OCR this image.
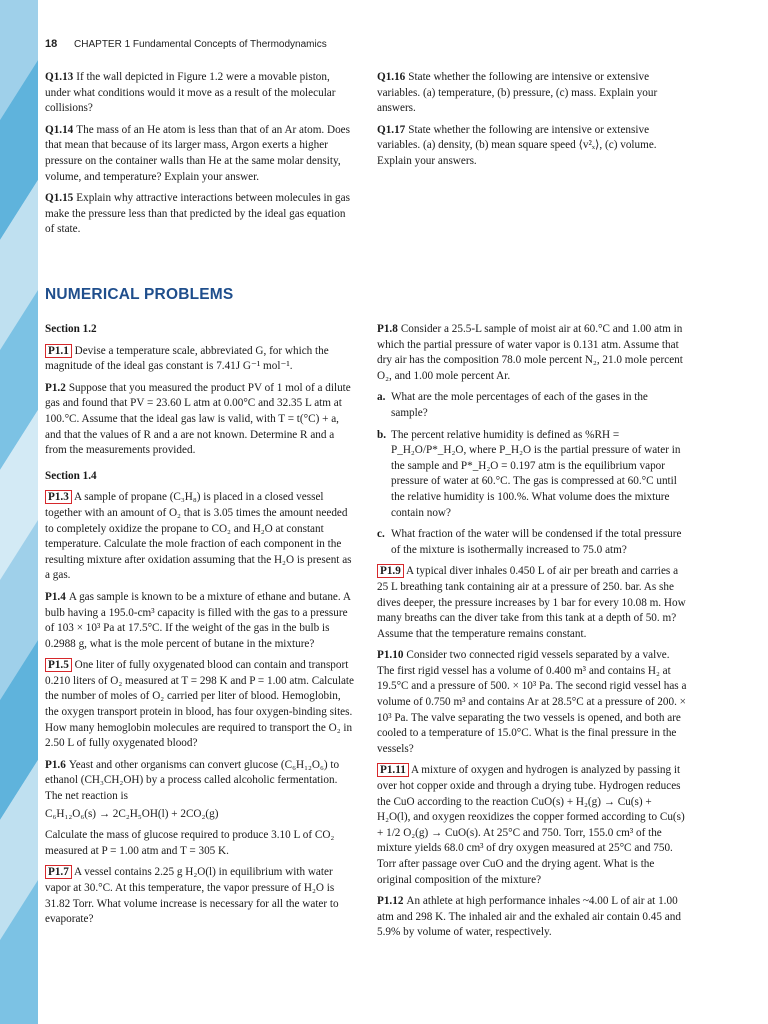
18 CHAPTER 1 Fundamental Concepts of Thermodynamics

Q1.13 If the wall depicted in Figure 1.2 were a movable piston, under what conditions would it move as a result of the molecular collisions?

Q1.14 The mass of an He atom is less than that of an Ar atom. Does that mean that because of its larger mass, Argon exerts a higher pressure on the container walls than He at the same molar density, volume, and temperature? Explain your answer.

Q1.15 Explain why attractive interactions between molecules in gas make the pressure less than that predicted by the ideal gas equation of state.

Q1.16 State whether the following are intensive or extensive variables. (a) temperature, (b) pressure, (c) mass. Explain your answers.

Q1.17 State whether the following are intensive or extensive variables. (a) density, (b) mean square speed ⟨v²ₓ⟩, (c) volume. Explain your answers.

NUMERICAL PROBLEMS

Section 1.2

P1.1 Devise a temperature scale, abbreviated G, for which the magnitude of the ideal gas constant is 7.41J G⁻¹ mol⁻¹.

P1.2 Suppose that you measured the product PV of 1 mol of a dilute gas and found that PV = 23.60 L atm at 0.00°C and 32.35 L atm at 100.°C. Assume that the ideal gas law is valid, with T = t(°C) + a, and that the values of R and a are not known. Determine R and a from the measurements provided.

Section 1.4

P1.3 A sample of propane (C₃H₈) is placed in a closed vessel together with an amount of O₂ that is 3.05 times the amount needed to completely oxidize the propane to CO₂ and H₂O at constant temperature. Calculate the mole fraction of each component in the resulting mixture after oxidation assuming that the H₂O is present as a gas.

P1.4 A gas sample is known to be a mixture of ethane and butane. A bulb having a 195.0-cm³ capacity is filled with the gas to a pressure of 103 × 10³ Pa at 17.5°C. If the weight of the gas in the bulb is 0.2988 g, what is the mole percent of butane in the mixture?

P1.5 One liter of fully oxygenated blood can contain and transport 0.210 liters of O₂ measured at T = 298 K and P = 1.00 atm. Calculate the number of moles of O₂ carried per liter of blood. Hemoglobin, the oxygen transport protein in blood, has four oxygen-binding sites. How many hemoglobin molecules are required to transport the O₂ in 2.50 L of fully oxygenated blood?

P1.6 Yeast and other organisms can convert glucose (C₆H₁₂O₆) to ethanol (CH₃CH₂OH) by a process called alcoholic fermentation. The net reaction is

C₆H₁₂O₆(s) → 2C₂H₅OH(l) + 2CO₂(g)

Calculate the mass of glucose required to produce 3.10 L of CO₂ measured at P = 1.00 atm and T = 305 K.

P1.7 A vessel contains 2.25 g H₂O(l) in equilibrium with water vapor at 30.°C. At this temperature, the vapor pressure of H₂O is 31.82 Torr. What volume increase is necessary for all the water to evaporate?

P1.8 Consider a 25.5-L sample of moist air at 60.°C and 1.00 atm in which the partial pressure of water vapor is 0.131 atm. Assume that dry air has the composition 78.0 mole percent N₂, 21.0 mole percent O₂, and 1.00 mole percent Ar.

a. What are the mole percentages of each of the gases in the sample?

b. The percent relative humidity is defined as %RH = P_H₂O/P*_H₂O, where P_H₂O is the partial pressure of water in the sample and P*_H₂O = 0.197 atm is the equilibrium vapor pressure of water at 60.°C. The gas is compressed at 60.°C until the relative humidity is 100.%. What volume does the mixture contain now?

c. What fraction of the water will be condensed if the total pressure of the mixture is isothermally increased to 75.0 atm?

P1.9 A typical diver inhales 0.450 L of air per breath and carries a 25 L breathing tank containing air at a pressure of 250. bar. As she dives deeper, the pressure increases by 1 bar for every 10.08 m. How many breaths can the diver take from this tank at a depth of 50. m? Assume that the temperature remains constant.

P1.10 Consider two connected rigid vessels separated by a valve. The first rigid vessel has a volume of 0.400 m³ and contains H₂ at 19.5°C and a pressure of 500. × 10³ Pa. The second rigid vessel has a volume of 0.750 m³ and contains Ar at 28.5°C at a pressure of 200. × 10³ Pa. The valve separating the two vessels is opened, and both are cooled to a temperature of 15.0°C. What is the final pressure in the vessels?

P1.11 A mixture of oxygen and hydrogen is analyzed by passing it over hot copper oxide and through a drying tube. Hydrogen reduces the CuO according to the reaction CuO(s) + H₂(g) → Cu(s) + H₂O(l), and oxygen reoxidizes the copper formed according to Cu(s) + 1/2 O₂(g) → CuO(s). At 25°C and 750. Torr, 155.0 cm³ of the mixture yields 68.0 cm³ of dry oxygen measured at 25°C and 750. Torr after passage over CuO and the drying agent. What is the original composition of the mixture?

P1.12 An athlete at high performance inhales ~4.00 L of air at 1.00 atm and 298 K. The inhaled air and the exhaled air contain 0.45 and 5.9% by volume of water, respectively.
